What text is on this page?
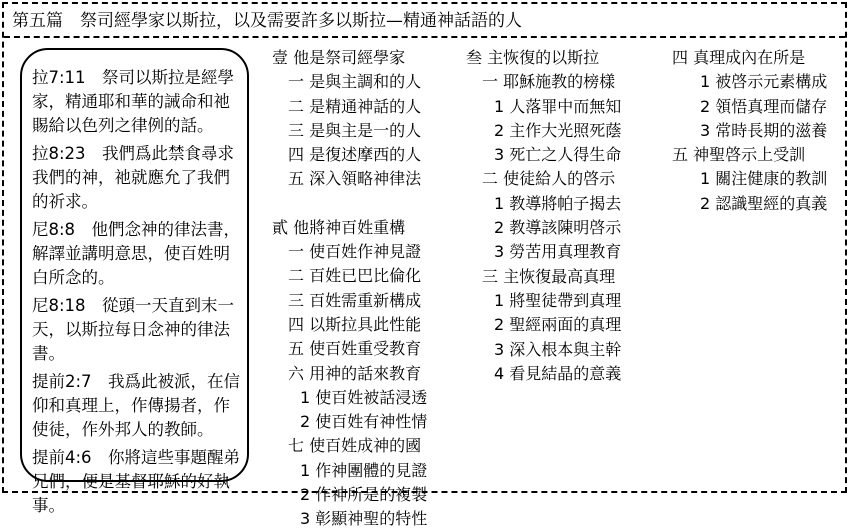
第五篇　祭司經學家以斯拉，以及需要許多以斯拉—精通神話語的人
拉7:11　祭司以斯拉是經學家，精通耶和華的誡命和祂賜給以色列之律例的話。
拉8:23　我們爲此禁食尋求我們的神，祂就應允了我們的祈求。
尼8:8　他們念神的律法書，解譯並講明意思，使百姓明白所念的。
尼8:18　從頭一天直到末一天，以斯拉每日念神的律法書。
提前2:7　我爲此被派，在信仰和真理上，作傳揚者，作使徒，作外邦人的教師。
提前4:6　你將這些事題醒弟兄們，便是基督耶穌的好執事。
壹 他是祭司經學家
一 是與主調和的人
二 是精通神話的人
三 是與主是一的人
四 是復述摩西的人
五 深入領略神律法
貳 他將神百姓重構
一 使百姓作神見證
二 百姓已巴比倫化
三 百姓需重新構成
四 以斯拉具此性能
五 使百姓重受教育
六 用神的話來教育
1 使百姓被話浸透
2 使百姓有神性情
七 使百姓成神的國
1 作神團體的見證
2 作神所是的複製
3 彰顯神聖的特性
叁 主恢復的以斯拉
一 耶穌施教的榜樣
1 人落罪中而無知
2 主作大光照死蔭
3 死亡之人得生命
二 使徒給人的啓示
1 教導將帕子揭去
2 教導該陳明啓示
3 勞苦用真理教育
三 主恢復最高真理
1 將聖徒帶到真理
2 聖經兩面的真理
3 深入根本與主幹
4 看見結晶的意義
四 真理成內在所是
1 被啓示元素構成
2 領悟真理而儲存
3 常時長期的滋養
五 神聖啓示上受訓
1 關注健康的教訓
2 認識聖經的真義
